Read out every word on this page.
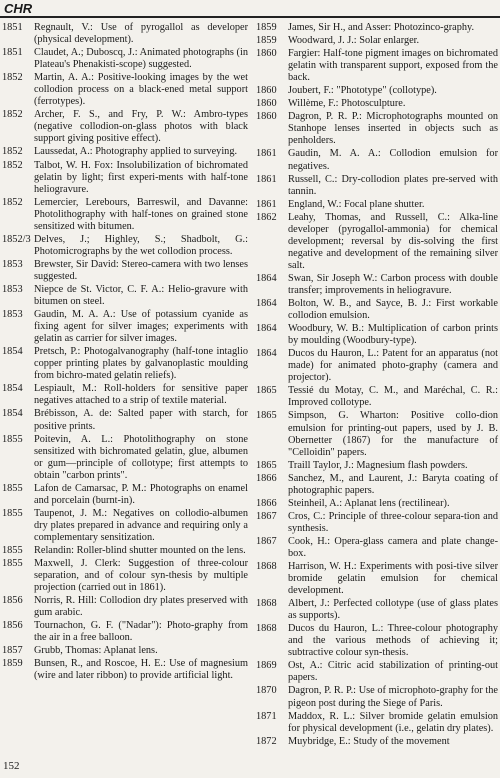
CHR
1851	Regnault, V.: Use of pyrogallol as developer (physical development).
1851	Claudet, A.; Duboscq, J.: Animated photographs (in Plateau's Phenakisti-scope) suggested.
1852	Martin, A. A.: Positive-looking images by the wet collodion process on a black-ened metal support (ferrotypes).
1852	Archer, F. S., and Fry, P. W.: Ambro-types (negative collodion-on-glass photos with black support giving positive effect).
1852	Laussedat, A.: Photography applied to surveying.
1852	Talbot, W. H. Fox: Insolubilization of bichromated gelatin by light; first experi-ments with half-tone heliogravure.
1852	Lemercier, Lerebours, Barreswil, and Davanne: Photolithography with half-tones on grained stone sensitized with bitumen.
1852/3 Delves, J.; Highley, S.; Shadbolt, G.: Photomicrographs by the wet collodion process.
1853	Brewster, Sir David: Stereo-camera with two lenses suggested.
1853	Niepce de St. Victor, C. F. A.: Helio-gravure with bitumen on steel.
1853	Gaudin, M. A. A.: Use of potassium cyanide as fixing agent for silver images; experiments with gelatin as carrier for silver images.
1854	Pretsch, P.: Photogalvanography (half-tone intaglio copper printing plates by galvanoplastic moulding from bichro-mated gelatin reliefs).
1854	Lespiault, M.: Roll-holders for sensitive paper negatives attached to a strip of textile material.
1854	Brébisson, A. de: Salted paper with starch, for positive prints.
1855	Poitevin, A. L.: Photolithography on stone sensitized with bichromated gelatin, glue, albumen or gum—principle of collotype; first attempts to obtain "carbon prints".
1855	Lafon de Camarsac, P. M.: Photographs on enamel and porcelain (burnt-in).
1855	Taupenot, J. M.: Negatives on collodio-albumen dry plates prepared in advance and requiring only a complementary sensitization.
1855	Relandin: Roller-blind shutter mounted on the lens.
1855	Maxwell, J. Clerk: Suggestion of three-colour separation, and of colour syn-thesis by multiple projection (carried out in 1861).
1856	Norris, R. Hill: Collodion dry plates preserved with gum arabic.
1856	Tournachon, G. F. ("Nadar"): Photo-graphy from the air in a free balloon.
1857	Grubb, Thomas: Aplanat lens.
1859	Bunsen, R., and Roscoe, H. E.: Use of magnesium (wire and later ribbon) to provide artificial light.
1859	James, Sir H., and Asser: Photozinco-graphy.
1859	Woodward, J. J.: Solar enlarger.
1860	Fargier: Half-tone pigment images on bichromated gelatin with transparent support, exposed from the back.
1860	Joubert, F.: "Phototype" (collotype).
1860	Willème, F.: Photosculpture.
1860	Dagron, P. R. P.: Microphotographs mounted on Stanhope lenses inserted in objects such as penholders.
1861	Gaudin, M. A. A.: Collodion emulsion for negatives.
1861	Russell, C.: Dry-collodion plates pre-served with tannin.
1861	England, W.: Focal plane shutter.
1862	Leahy, Thomas, and Russell, C.: Alka-line developer (pyrogallol-ammonia) for chemical development; reversal by dis-solving the first negative and development of the remaining silver salt.
1864	Swan, Sir Joseph W.: Carbon process with double transfer; improvements in heliogravure.
1864	Bolton, W. B., and Sayce, B. J.: First workable collodion emulsion.
1864	Woodbury, W. B.: Multiplication of carbon prints by moulding (Woodbury-type).
1864	Ducos du Hauron, L.: Patent for an apparatus (not made) for animated photo-graphy (camera and projector).
1865	Tessié du Motay, C. M., and Maréchal, C. R.: Improved collotype.
1865	Simpson, G. Wharton: Positive collo-dion emulsion for printing-out papers, used by J. B. Obernetter (1867) for the manufacture of "Celloidin" papers.
1865	Traill Taylor, J.: Magnesium flash powders.
1866	Sanchez, M., and Laurent, J.: Baryta coating of photographic papers.
1866	Steinheil, A.: Aplanat lens (rectilinear).
1867	Cros, C.: Principle of three-colour separa-tion and synthesis.
1867	Cook, H.: Opera-glass camera and plate change-box.
1868	Harrison, W. H.: Experiments with posi-tive silver bromide gelatin emulsion for chemical development.
1868	Albert, J.: Perfected collotype (use of glass plates as supports).
1868	Ducos du Hauron, L.: Three-colour photography and the various methods of achieving it; subtractive colour syn-thesis.
1869	Ost, A.: Citric acid stabilization of printing-out papers.
1870	Dagron, P. R. P.: Use of microphoto-graphy for the pigeon post during the Siege of Paris.
1871	Maddox, R. L.: Silver bromide gelatin emulsion for physical development (i.e., gelatin dry plates).
1872	Muybridge, E.: Study of the movement
152
